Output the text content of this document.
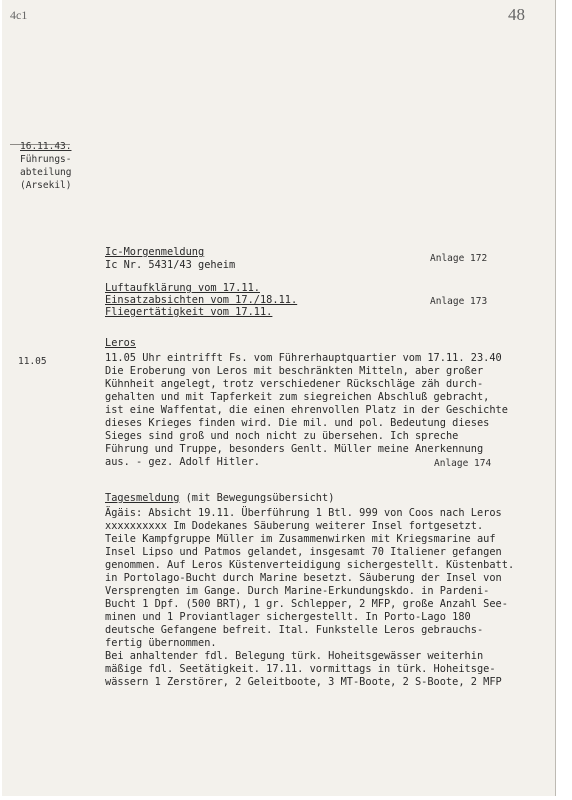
4c1	48
16.11.43.
Führungs-
abteilung
(Arsekil)
Ic-Morgenmeldung
Ic Nr. 5431/43 geheim
Anlage 172
Luftaufklärung vom 17.11.
Einsatzabsichten vom 17./18.11.
Fliegertätigkeit vom 17.11.
Anlage 173
Leros
11.05	11.05 Uhr eintrifft Fs. vom Führerhauptquartier vom 17.11. 23.40
Die Eroberung von Leros mit beschränkten Mitteln, aber großer
Kühnheit angelegt, trotz verschiedener Rückschläge zäh durch-
gehalten und mit Tapferkeit zum siegreichen Abschluß gebracht,
ist eine Waffentat, die einen ehrenvollen Platz in der Geschichte
dieses Krieges finden wird. Die mil. und pol. Bedeutung dieses
Sieges sind groß und noch nicht zu übersehen. Ich spreche
Führung und Truppe, besonders Genlt. Müller meine Anerkennung
aus. - gez. Adolf Hitler.	Anlage 174
Tagesmeldung (mit Bewegungsübersicht)
Ägäis: Absicht 19.11. Überführung 1 Btl. 999 von Coos nach Leros
xxxxxxxxxx Im Dodekanes Säuberung weiterer Insel fortgesetzt.
Teile Kampfgruppe Müller im Zusammenwirken mit Kriegsmarine auf
Insel Lipso und Patmos gelandet, insgesamt 70 Italiener gefangen
genommen. Auf Leros Küstenverteidigung sichergestellt. Küstenbatt.
in Portolago-Bucht durch Marine besetzt. Säuberung der Insel von
Versprengten im Gange. Durch Marine-Erkundungskdo. in Pardeni-
Bucht 1 Dpf. (500 BRT), 1 gr. Schlepper, 2 MFP, große Anzahl See-
minen und 1 Proviantlager sichergestellt. In Porto-Lago 180
deutsche Gefangene befreit. Ital. Funkstelle Leros gebrauchs-
fertig übernommen.
Bei anhaltender fdl. Belegung türk. Hoheitsgewässer weiterhin
mäßige fdl. Seetätigkeit. 17.11. vormittags in türk. Hoheitsge-
wässern 1 Zerstörer, 2 Geleitboote, 3 MT-Boote, 2 S-Boote, 2 MFP
